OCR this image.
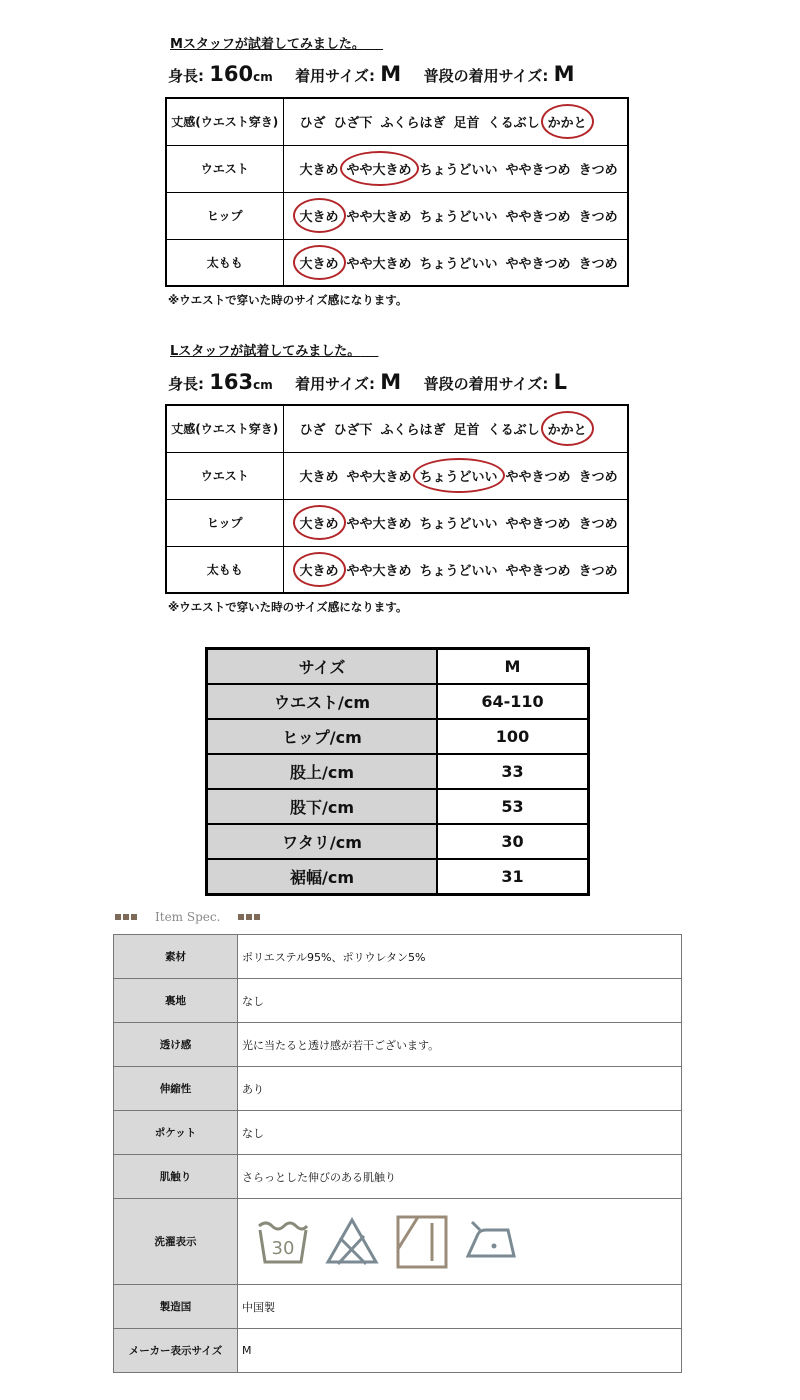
Mスタッフが試着してみました。
身長: 160cm 着用サイズ: M 普段の着用サイズ: M
丈感(ウエスト穿き)	ひざ ひざ下 ふくらはぎ 足首 くるぶし かかと
ウエスト	大きめ やや大きめ ちょうどいい ややきつめ きつめ
ヒップ	大きめ やや大きめ ちょうどいい ややきつめ きつめ
太もも	大きめ やや大きめ ちょうどいい ややきつめ きつめ
※ウエストで穿いた時のサイズ感になります。
Lスタッフが試着してみました。
身長: 163cm 着用サイズ: M 普段の着用サイズ: L
丈感(ウエスト穿き)	ひざ ひざ下 ふくらはぎ 足首 くるぶし かかと
ウエスト	大きめ やや大きめ ちょうどいい ややきつめ きつめ
ヒップ	大きめ やや大きめ ちょうどいい ややきつめ きつめ
太もも	大きめ やや大きめ ちょうどいい ややきつめ きつめ
※ウエストで穿いた時のサイズ感になります。
サイズ	M
ウエスト/cm	64-110
ヒップ/cm	100
股上/cm	33
股下/cm	53
ワタリ/cm	30
裾幅/cm	31
Item Spec.
素材	ポリエステル95%、ポリウレタン5%
裏地	なし
透け感	光に当たると透け感が若干ございます。
伸縮性	あり
ポケット	なし
肌触り	さらっとした伸びのある肌触り
洗濯表示	30

製造国	中国製
メーカー表示サイズ	M
